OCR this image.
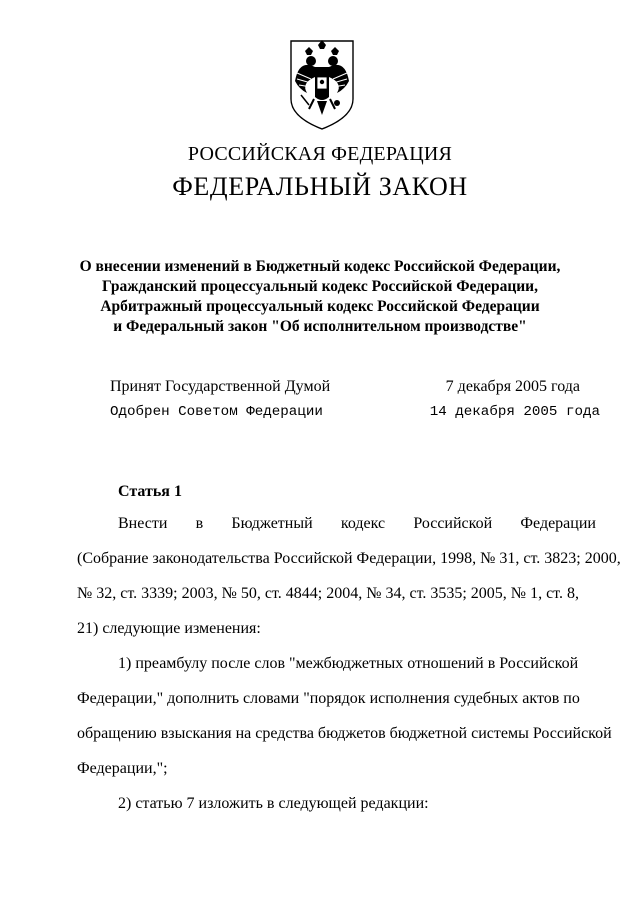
РОССИЙСКАЯ ФЕДЕРАЦИЯ
ФЕДЕРАЛЬНЫЙ ЗАКОН
О внесении изменений в Бюджетный кодекс Российской Федерации,
Гражданский процессуальный кодекс Российской Федерации,
Арбитражный процессуальный кодекс Российской Федерации
и Федеральный закон "Об исполнительном производстве"
Принят Государственной Думой	7 декабря 2005 года
Одобрен Советом Федерации	14 декабря 2005 года
Статья 1
Внести в Бюджетный кодекс Российской Федерации
(Собрание законодательства Российской Федерации, 1998, № 31, ст. 3823; 2000,
№ 32, ст. 3339; 2003, № 50, ст. 4844; 2004, № 34, ст. 3535; 2005, № 1, ст. 8,
21) следующие изменения:
1) преамбулу после слов "межбюджетных отношений в Российской
Федерации," дополнить словами "порядок исполнения судебных актов по
обращению взыскания на средства бюджетов бюджетной системы Российской
Федерации,";
2) статью 7 изложить в следующей редакции:
